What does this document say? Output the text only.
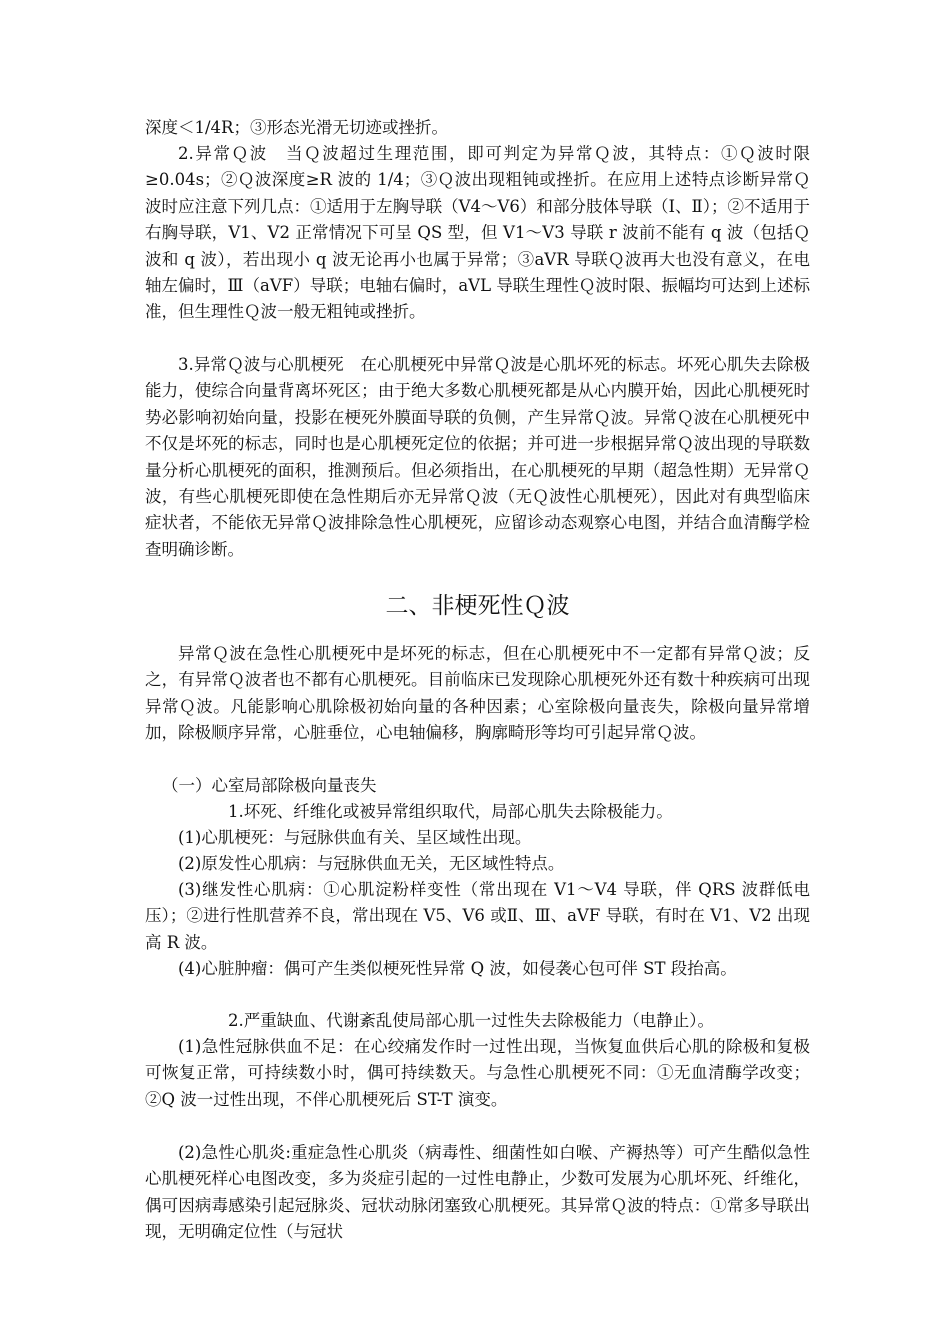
深度＜1/4R；③形态光滑无切迹或挫折。

2.异常Ｑ波　当Ｑ波超过生理范围，即可判定为异常Ｑ波，其特点：①Ｑ波时限≥0.04s；②Ｑ波深度≥R 波的 1/4；③Ｑ波出现粗钝或挫折。在应用上述特点诊断异常Ｑ波时应注意下列几点：①适用于左胸导联（V4～V6）和部分肢体导联（Ⅰ、Ⅱ）；②不适用于右胸导联，V1、V2 正常情况下可呈 QS 型，但 V1～V3 导联 r 波前不能有 q 波（包括Ｑ波和 q 波），若出现小 q 波无论再小也属于异常；③aVR 导联Ｑ波再大也没有意义，在电轴左偏时，Ⅲ（aVF）导联；电轴右偏时，aVL 导联生理性Ｑ波时限、振幅均可达到上述标准，但生理性Ｑ波一般无粗钝或挫折。

3.异常Ｑ波与心肌梗死　在心肌梗死中异常Ｑ波是心肌坏死的标志。坏死心肌失去除极能力，使综合向量背离坏死区；由于绝大多数心肌梗死都是从心内膜开始，因此心肌梗死时势必影响初始向量，投影在梗死外膜面导联的负侧，产生异常Ｑ波。异常Ｑ波在心肌梗死中不仅是坏死的标志，同时也是心肌梗死定位的依据；并可进一步根据异常Ｑ波出现的导联数量分析心肌梗死的面积，推测预后。但必须指出，在心肌梗死的早期（超急性期）无异常Ｑ波，有些心肌梗死即使在急性期后亦无异常Ｑ波（无Ｑ波性心肌梗死），因此对有典型临床症状者，不能依无异常Ｑ波排除急性心肌梗死，应留诊动态观察心电图，并结合血清酶学检查明确诊断。

二、非梗死性Ｑ波

异常Ｑ波在急性心肌梗死中是坏死的标志，但在心肌梗死中不一定都有异常Ｑ波；反之，有异常Ｑ波者也不都有心肌梗死。目前临床已发现除心肌梗死外还有数十种疾病可出现异常Ｑ波。凡能影响心肌除极初始向量的各种因素；心室除极向量丧失，除极向量异常增加，除极顺序异常，心脏垂位，心电轴偏移，胸廓畸形等均可引起异常Ｑ波。

（一）心室局部除极向量丧失

1.坏死、纤维化或被异常组织取代，局部心肌失去除极能力。

(1)心肌梗死：与冠脉供血有关、呈区域性出现。

(2)原发性心肌病：与冠脉供血无关，无区域性特点。

(3)继发性心肌病：①心肌淀粉样变性（常出现在 V1～V4 导联，伴 QRS 波群低电压）；②进行性肌营养不良，常出现在 V5、V6 或Ⅱ、Ⅲ、aVF 导联，有时在 V1、V2 出现高 R 波。

(4)心脏肿瘤：偶可产生类似梗死性异常 Q 波，如侵袭心包可伴 ST 段抬高。

2.严重缺血、代谢紊乱使局部心肌一过性失去除极能力（电静止）。

(1)急性冠脉供血不足：在心绞痛发作时一过性出现，当恢复血供后心肌的除极和复极可恢复正常，可持续数小时，偶可持续数天。与急性心肌梗死不同：①无血清酶学改变；②Q 波一过性出现，不伴心肌梗死后 ST-T 演变。

(2)急性心肌炎:重症急性心肌炎（病毒性、细菌性如白喉、产褥热等）可产生酷似急性心肌梗死样心电图改变，多为炎症引起的一过性电静止，少数可发展为心肌坏死、纤维化，偶可因病毒感染引起冠脉炎、冠状动脉闭塞致心肌梗死。其异常Ｑ波的特点：①常多导联出现，无明确定位性（与冠状
